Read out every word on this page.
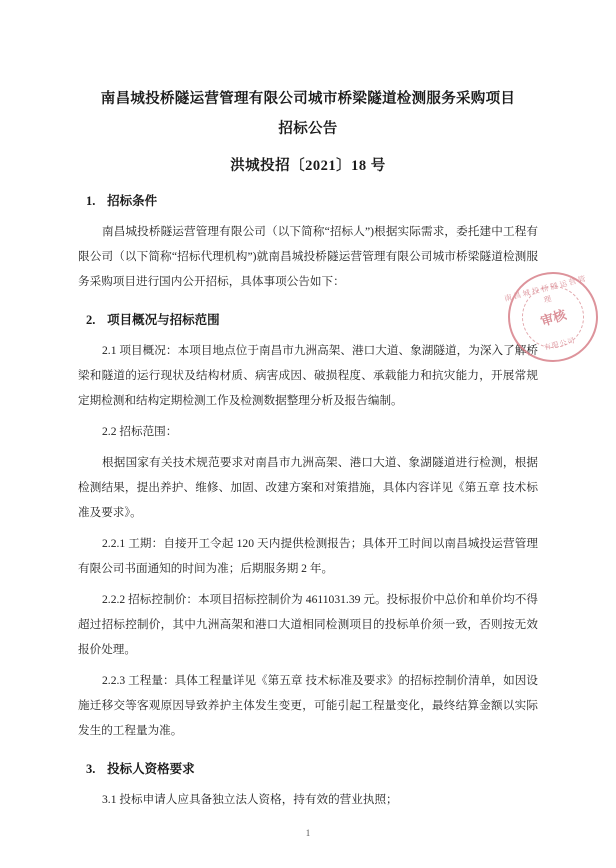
南昌城投桥隧运营管理有限公司城市桥梁隧道检测服务采购项目
招标公告
洪城投招〔2021〕18 号
1. 招标条件
南昌城投桥隧运营管理有限公司（以下简称“招标人”)根据实际需求，委托建中工程有限公司（以下简称“招标代理机构”)就南昌城投桥隧运营管理有限公司城市桥梁隧道检测服务采购项目进行国内公开招标，具体事项公告如下：
2. 项目概况与招标范围
2.1 项目概况：本项目地点位于南昌市九洲高架、港口大道、象湖隧道，为深入了解桥梁和隧道的运行现状及结构材质、病害成因、破损程度、承载能力和抗灾能力，开展常规定期检测和结构定期检测工作及检测数据整理分析及报告编制。
2.2 招标范围：
根据国家有关技术规范要求对南昌市九洲高架、港口大道、象湖隧道进行检测，根据检测结果，提出养护、维修、加固、改建方案和对策措施，具体内容详见《第五章 技术标准及要求》。
2.2.1 工期：自接开工令起 120 天内提供检测报告；具体开工时间以南昌城投运营管理有限公司书面通知的时间为准；后期服务期 2 年。
2.2.2 招标控制价：本项目招标控制价为 4611031.39 元。投标报价中总价和单价均不得超过招标控制价，其中九洲高架和港口大道相同检测项目的投标单价须一致，否则按无效报价处理。
2.2.3 工程量：具体工程量详见《第五章 技术标准及要求》的招标控制价清单，如因设施迁移交等客观原因导致养护主体发生变更，可能引起工程量变化，最终结算金额以实际发生的工程量为准。
3. 投标人资格要求
3.1 投标申请人应具备独立法人资格，持有效的营业执照；
南昌城投桥隧运营管理
审核
有限公司
1
